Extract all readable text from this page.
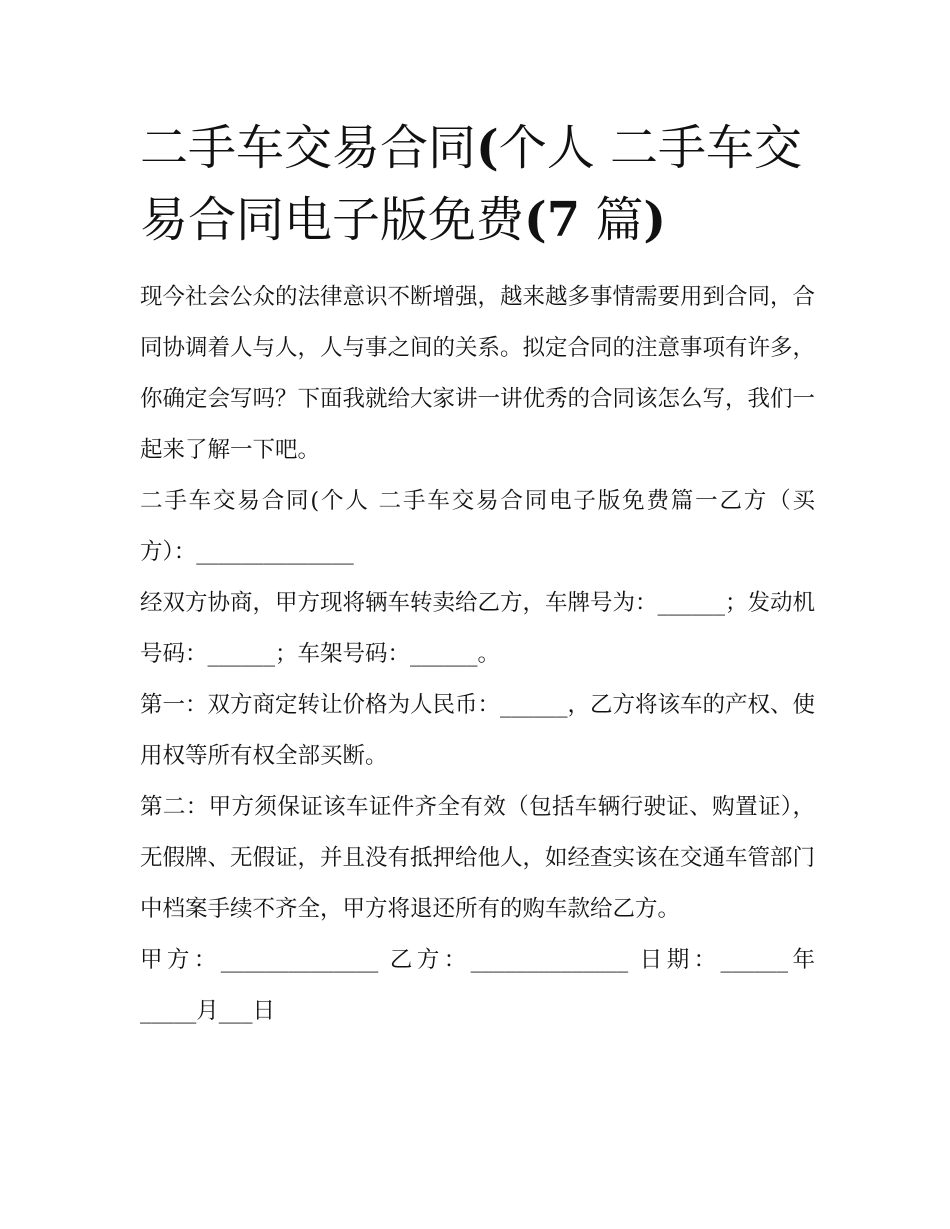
二手车交易合同(个人 二手车交易合同电子版免费(7 篇)

现今社会公众的法律意识不断增强，越来越多事情需要用到合同，合同协调着人与人，人与事之间的关系。拟定合同的注意事项有许多，你确定会写吗？下面我就给大家讲一讲优秀的合同该怎么写，我们一起来了解一下吧。

二手车交易合同(个人 二手车交易合同电子版免费篇一乙方（买方）：______________

经双方协商，甲方现将辆车转卖给乙方，车牌号为：______；发动机号码：______；车架号码：______。

第一：双方商定转让价格为人民币：______，乙方将该车的产权、使用权等所有权全部买断。

第二：甲方须保证该车证件齐全有效（包括车辆行驶证、购置证），无假牌、无假证，并且没有抵押给他人，如经查实该在交通车管部门中档案手续不齐全，甲方将退还所有的购车款给乙方。

甲方：______________ 乙方：______________ 日期：______年_____月___日
